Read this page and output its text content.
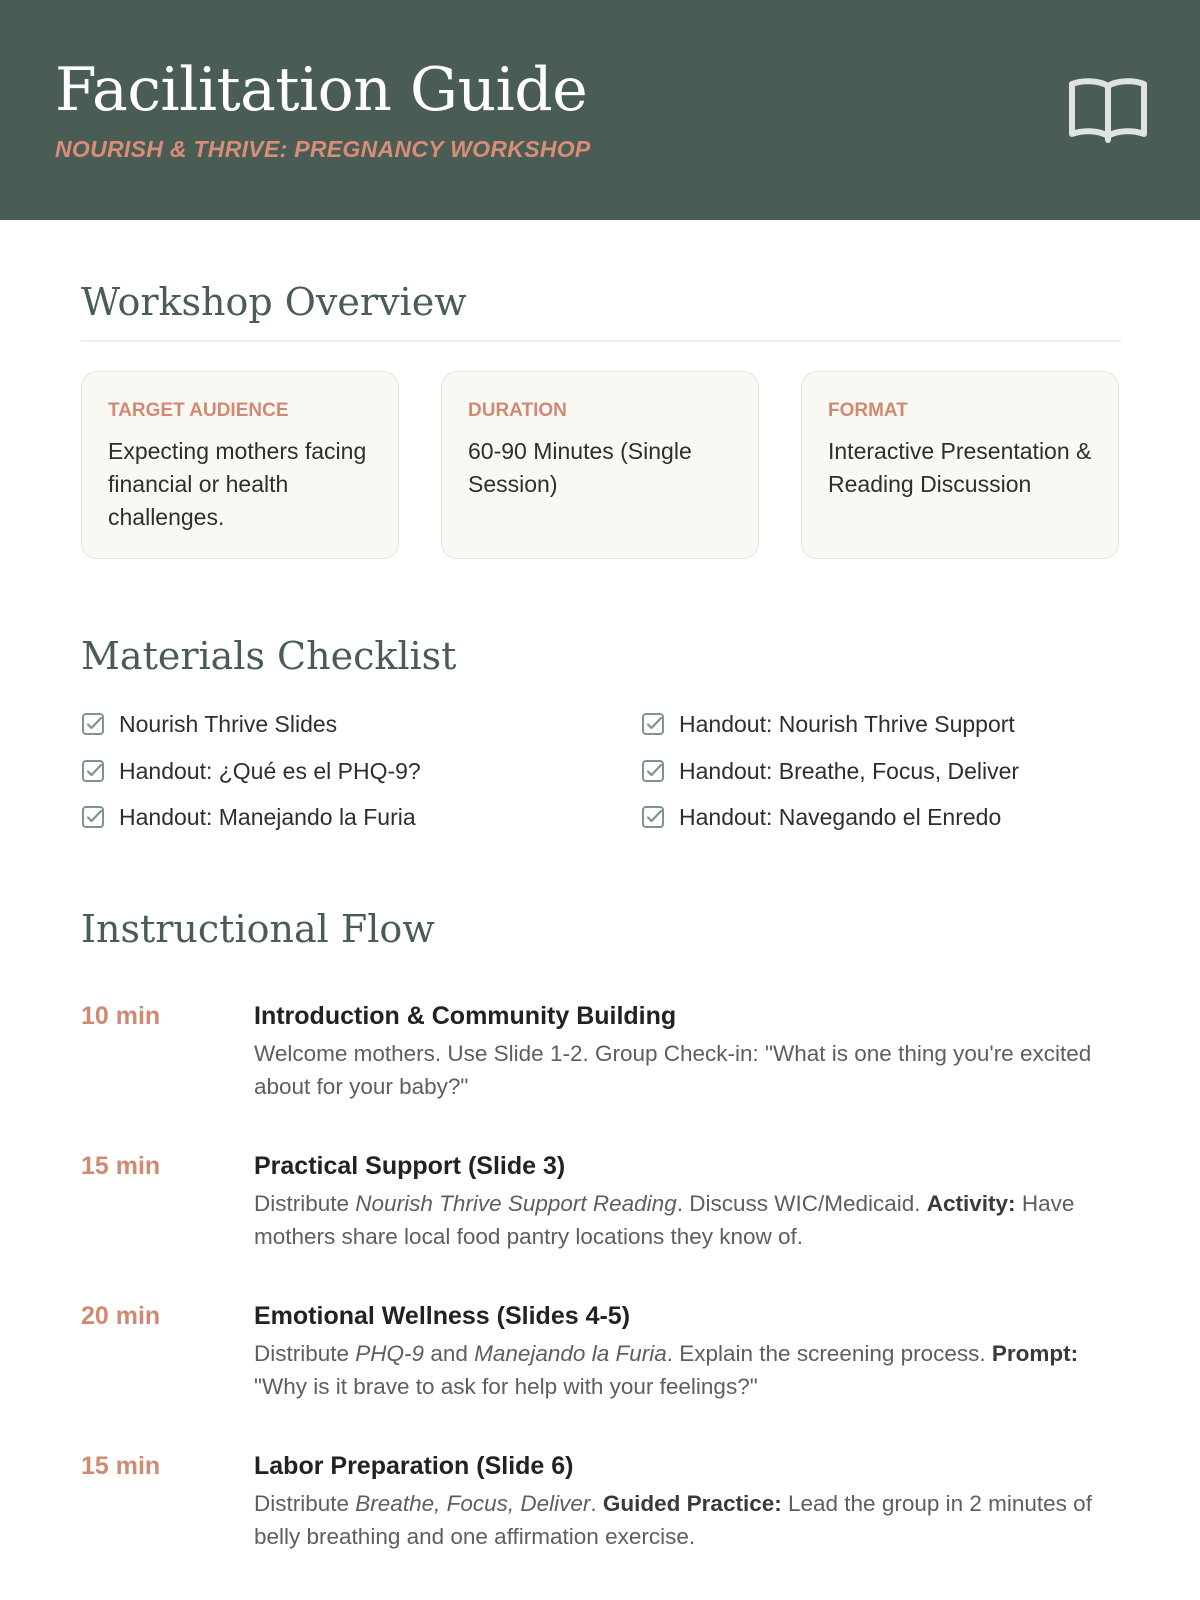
Facilitation Guide
NOURISH & THRIVE: PREGNANCY WORKSHOP
Workshop Overview
TARGET AUDIENCE
Expecting mothers facing financial or health challenges.
DURATION
60-90 Minutes (Single Session)
FORMAT
Interactive Presentation & Reading Discussion
Materials Checklist
Nourish Thrive Slides
Handout: ¿Qué es el PHQ-9?
Handout: Manejando la Furia
Handout: Nourish Thrive Support
Handout: Breathe, Focus, Deliver
Handout: Navegando el Enredo
Instructional Flow
10 min	Introduction & Community Building
Welcome mothers. Use Slide 1-2. Group Check-in: "What is one thing you're excited about for your baby?"
15 min	Practical Support (Slide 3)
Distribute Nourish Thrive Support Reading. Discuss WIC/Medicaid. Activity: Have mothers share local food pantry locations they know of.
20 min	Emotional Wellness (Slides 4-5)
Distribute PHQ-9 and Manejando la Furia. Explain the screening process. Prompt: "Why is it brave to ask for help with your feelings?"
15 min	Labor Preparation (Slide 6)
Distribute Breathe, Focus, Deliver. Guided Practice: Lead the group in 2 minutes of belly breathing and one affirmation exercise.
